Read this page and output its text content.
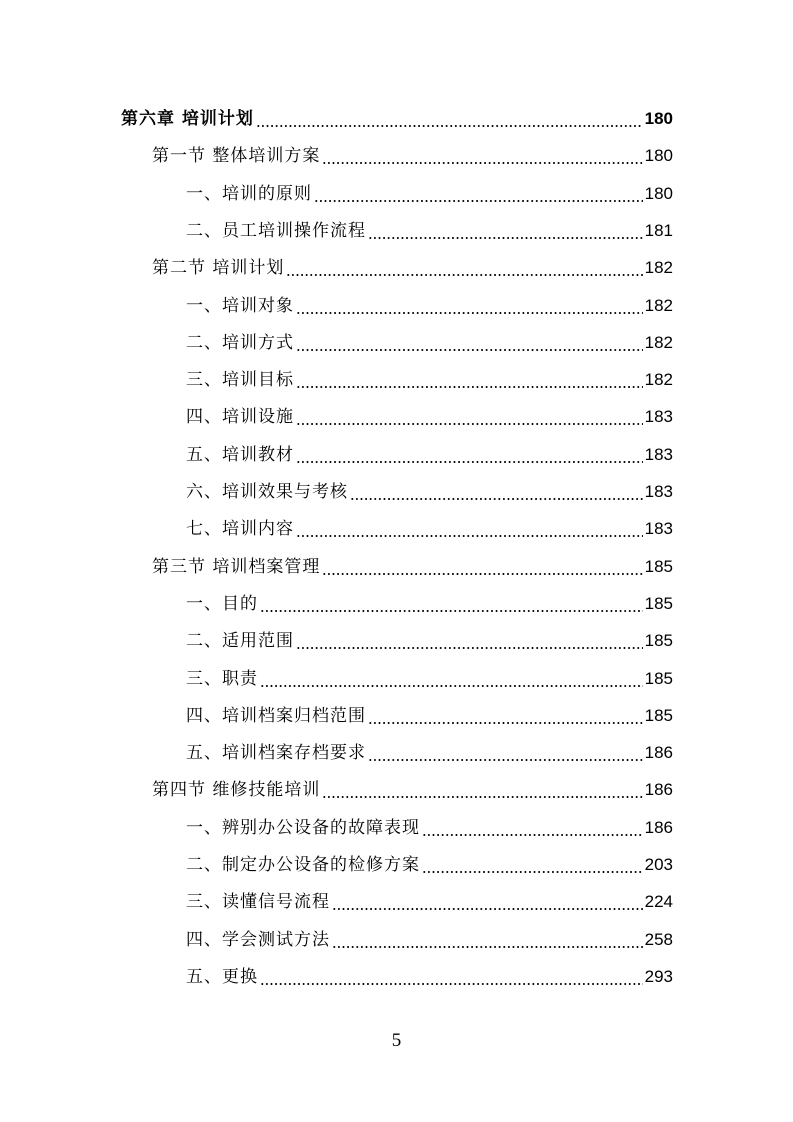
第六章 培训计划	180
第一节 整体培训方案	180
一、培训的原则	180
二、员工培训操作流程	181
第二节 培训计划	182
一、培训对象	182
二、培训方式	182
三、培训目标	182
四、培训设施	183
五、培训教材	183
六、培训效果与考核	183
七、培训内容	183
第三节 培训档案管理	185
一、目的	185
二、适用范围	185
三、职责	185
四、培训档案归档范围	185
五、培训档案存档要求	186
第四节 维修技能培训	186
一、辨别办公设备的故障表现	186
二、制定办公设备的检修方案	203
三、读懂信号流程	224
四、学会测试方法	258
五、更换	293
5
